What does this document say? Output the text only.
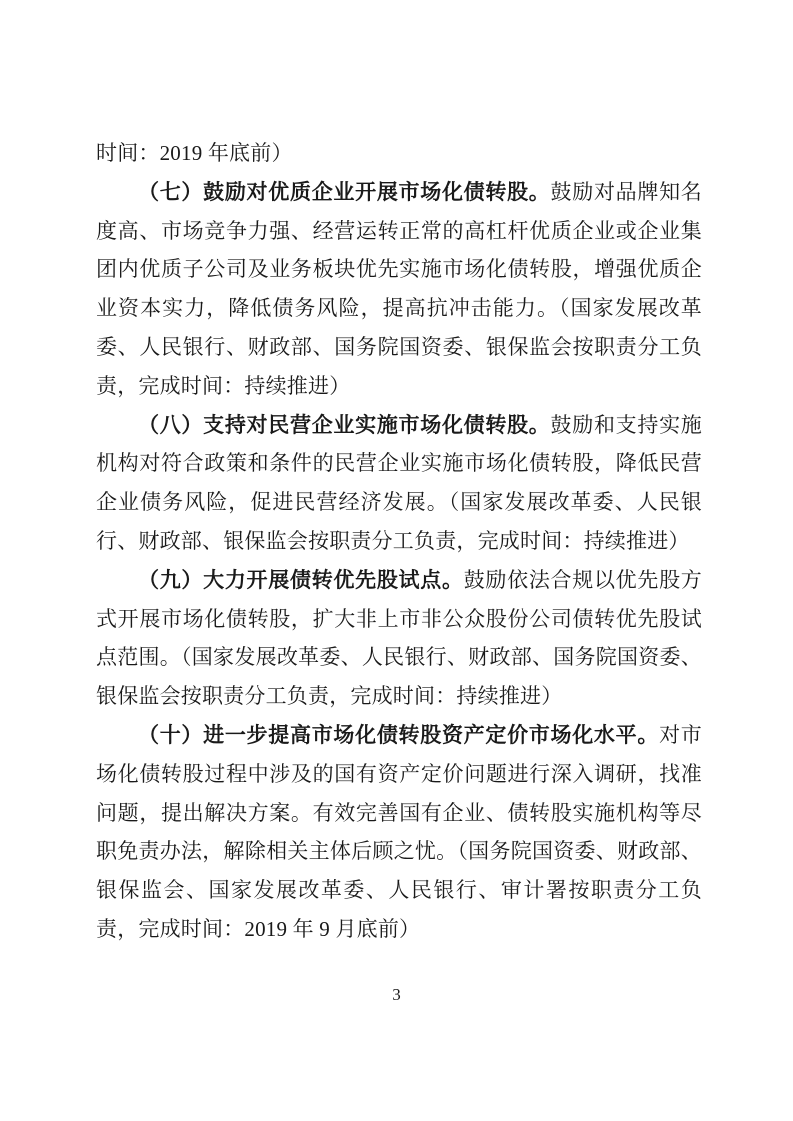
时间：2019 年底前）

（七）鼓励对优质企业开展市场化债转股。鼓励对品牌知名度高、市场竞争力强、经营运转正常的高杠杆优质企业或企业集团内优质子公司及业务板块优先实施市场化债转股，增强优质企业资本实力，降低债务风险，提高抗冲击能力。（国家发展改革委、人民银行、财政部、国务院国资委、银保监会按职责分工负责，完成时间：持续推进）

（八）支持对民营企业实施市场化债转股。鼓励和支持实施机构对符合政策和条件的民营企业实施市场化债转股，降低民营企业债务风险，促进民营经济发展。（国家发展改革委、人民银行、财政部、银保监会按职责分工负责，完成时间：持续推进）

（九）大力开展债转优先股试点。鼓励依法合规以优先股方式开展市场化债转股，扩大非上市非公众股份公司债转优先股试点范围。（国家发展改革委、人民银行、财政部、国务院国资委、银保监会按职责分工负责，完成时间：持续推进）

（十）进一步提高市场化债转股资产定价市场化水平。对市场化债转股过程中涉及的国有资产定价问题进行深入调研，找准问题，提出解决方案。有效完善国有企业、债转股实施机构等尽职免责办法，解除相关主体后顾之忧。（国务院国资委、财政部、银保监会、国家发展改革委、人民银行、审计署按职责分工负责，完成时间：2019 年 9 月底前）

3
